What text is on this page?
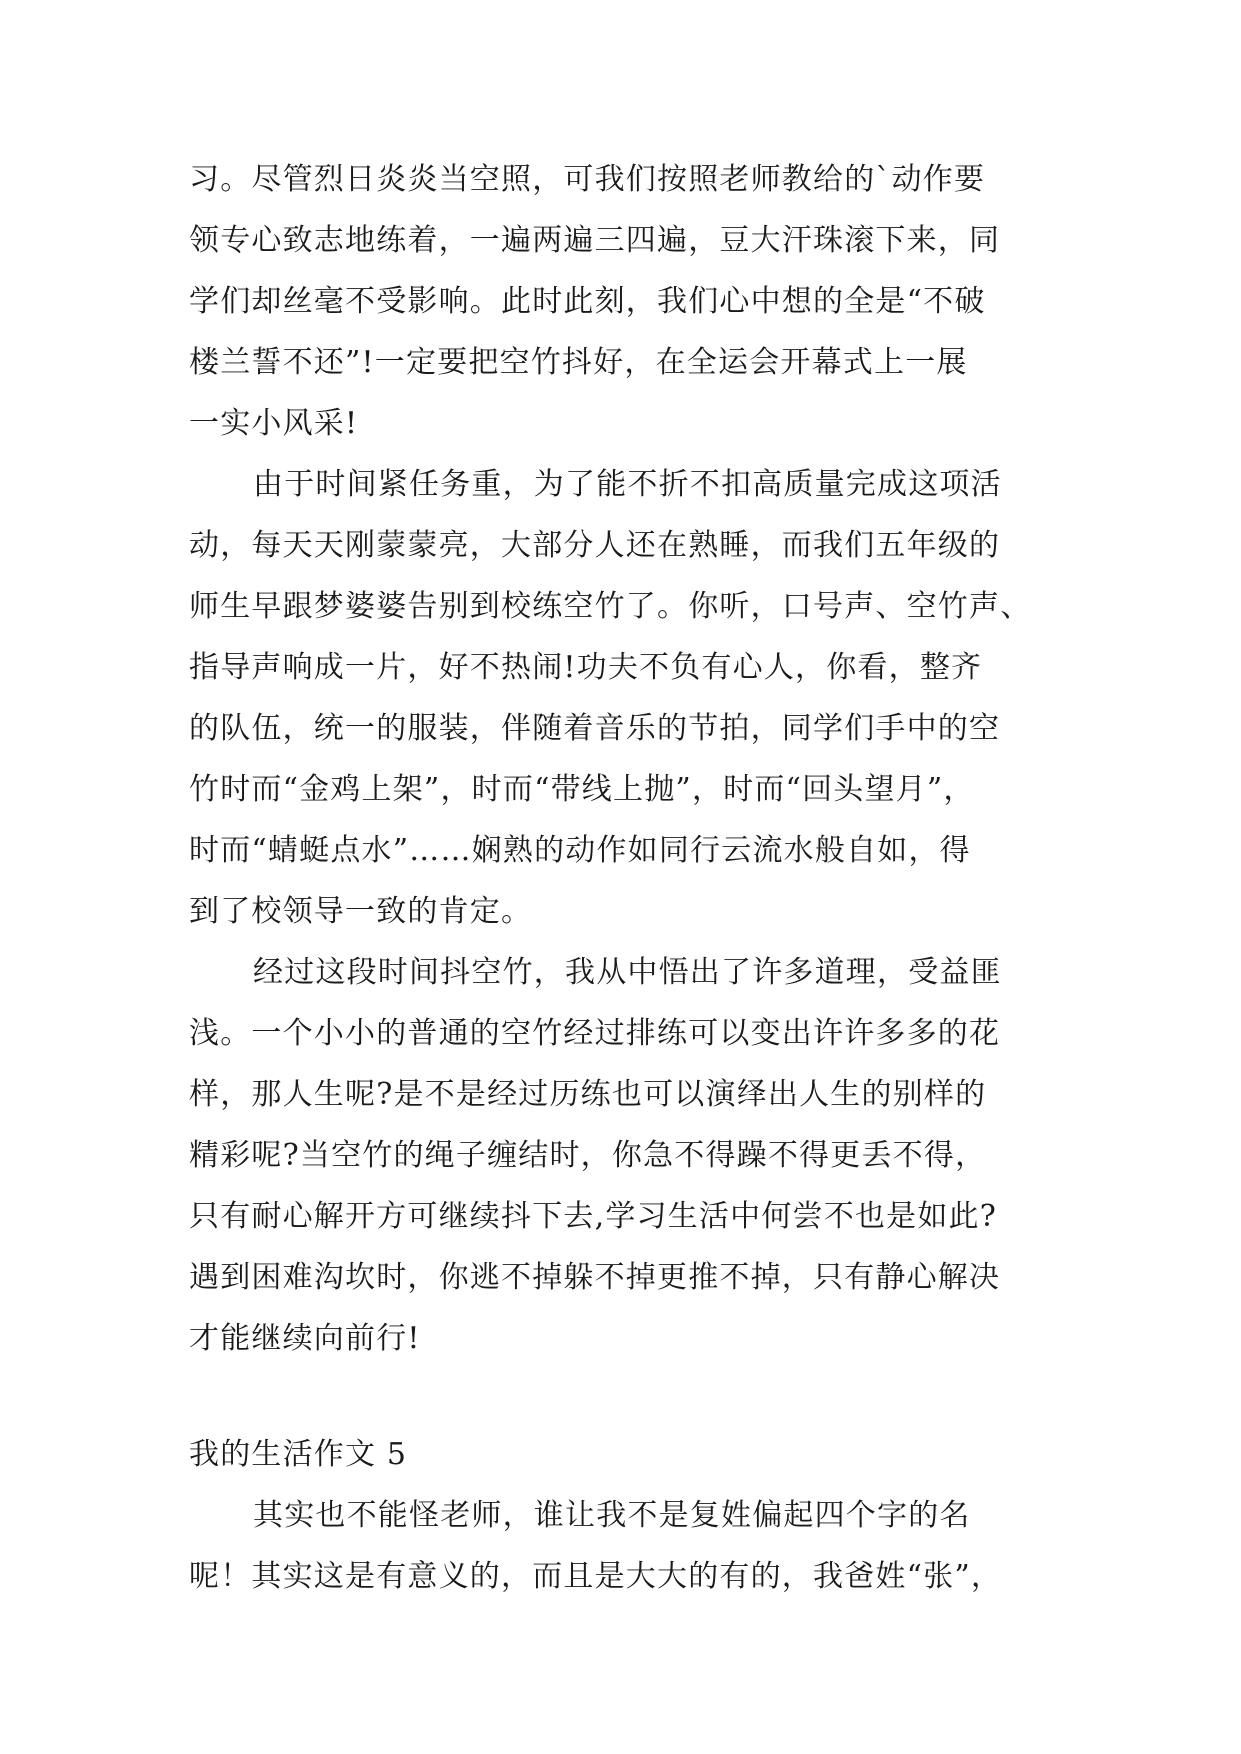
习。尽管烈日炎炎当空照，可我们按照老师教给的`动作要
领专心致志地练着，一遍两遍三四遍，豆大汗珠滚下来，同
学们却丝毫不受影响。此时此刻，我们心中想的全是“不破
楼兰誓不还”!一定要把空竹抖好，在全运会开幕式上一展
一实小风采!
由于时间紧任务重，为了能不折不扣高质量完成这项活
动，每天天刚蒙蒙亮，大部分人还在熟睡，而我们五年级的
师生早跟梦婆婆告别到校练空竹了。你听，口号声、空竹声、
指导声响成一片，好不热闹!功夫不负有心人，你看，整齐
的队伍，统一的服装，伴随着音乐的节拍，同学们手中的空
竹时而“金鸡上架”，时而“带线上抛”，时而“回头望月”，
时而“蜻蜓点水”……娴熟的动作如同行云流水般自如，得
到了校领导一致的肯定。
经过这段时间抖空竹，我从中悟出了许多道理，受益匪
浅。一个小小的普通的空竹经过排练可以变出许许多多的花
样，那人生呢?是不是经过历练也可以演绎出人生的别样的
精彩呢?当空竹的绳子缠结时，你急不得躁不得更丢不得，
只有耐心解开方可继续抖下去,学习生活中何尝不也是如此?
遇到困难沟坎时，你逃不掉躲不掉更推不掉，只有静心解决
才能继续向前行!
我的生活作文 5
其实也不能怪老师，谁让我不是复姓偏起四个字的名
呢！其实这是有意义的，而且是大大的有的，我爸姓“张”，
